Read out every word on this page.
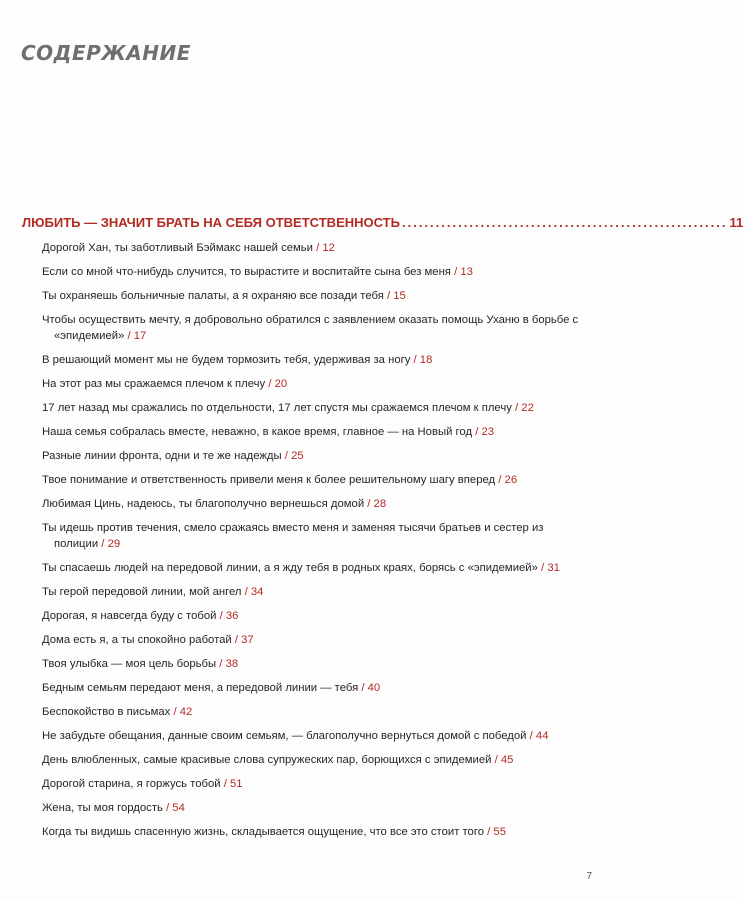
СОДЕРЖАНИЕ
ЛЮБИТЬ — ЗНАЧИТ БРАТЬ НА СЕБЯ ОТВЕТСТВЕННОСТЬ .......................................................... 11
Дорогой Хан, ты заботливый Бэймакс нашей семьи / 12
Если со мной что-нибудь случится, то вырастите и воспитайте сына без меня / 13
Ты охраняешь больничные палаты, а я охраняю все позади тебя / 15
Чтобы осуществить мечту, я добровольно обратился с заявлением оказать помощь Уханю в борьбе с «эпидемией» / 17
В решающий момент мы не будем тормозить тебя, удерживая за ногу / 18
На этот раз мы сражаемся плечом к плечу / 20
17 лет назад мы сражались по отдельности, 17 лет спустя мы сражаемся плечом к плечу / 22
Наша семья собралась вместе, неважно, в какое время, главное — на Новый год / 23
Разные линии фронта, одни и те же надежды / 25
Твое понимание и ответственность привели меня к более решительному шагу вперед / 26
Любимая Цинь, надеюсь, ты благополучно вернешься домой / 28
Ты идешь против течения, смело сражаясь вместо меня и заменяя тысячи братьев и сестер из полиции / 29
Ты спасаешь людей на передовой линии, а я жду тебя в родных краях, борясь с «эпидемией» / 31
Ты герой передовой линии, мой ангел / 34
Дорогая, я навсегда буду с тобой / 36
Дома есть я, а ты спокойно работай / 37
Твоя улыбка — моя цель борьбы / 38
Бедным семьям передают меня, а передовой линии — тебя / 40
Беспокойство в письмах / 42
Не забудьте обещания, данные своим семьям, — благополучно вернуться домой с победой / 44
День влюбленных, самые красивые слова супружеских пар, борющихся с эпидемией / 45
Дорогой старина, я горжусь тобой / 51
Жена, ты моя гордость / 54
Когда ты видишь спасенную жизнь, складывается ощущение, что все это стоит того / 55
7
